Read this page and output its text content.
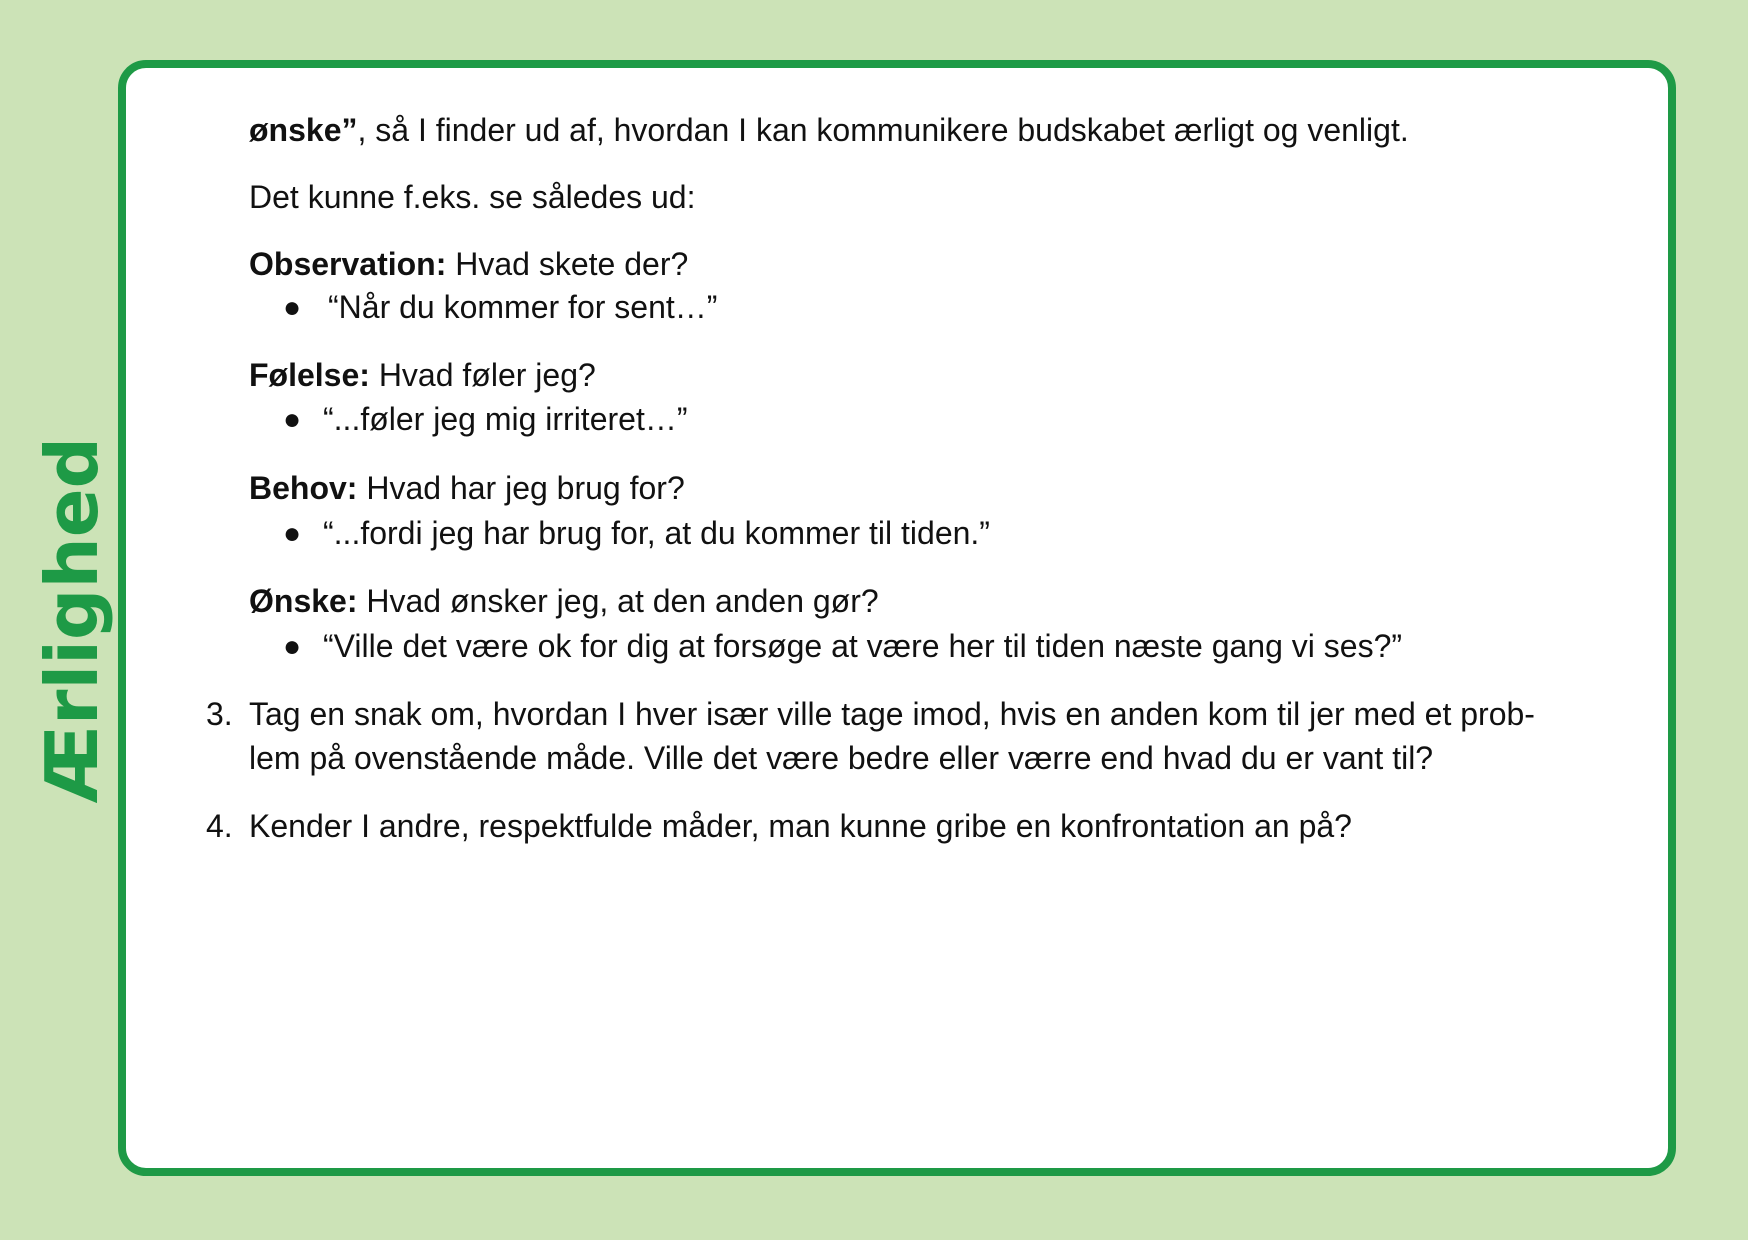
Ærlighed
ønske”, så I finder ud af, hvordan I kan kommunikere budskabet ærligt og venligt.
Det kunne f.eks. se således ud:
Observation: Hvad skete der?
● “Når du kommer for sent…”
Følelse: Hvad føler jeg?
● “...føler jeg mig irriteret…”
Behov: Hvad har jeg brug for?
● “...fordi jeg har brug for, at du kommer til tiden.”
Ønske: Hvad ønsker jeg, at den anden gør?
● “Ville det være ok for dig at forsøge at være her til tiden næste gang vi ses?”
3. Tag en snak om, hvordan I hver især ville tage imod, hvis en anden kom til jer med et prob-
lem på ovenstående måde. Ville det være bedre eller værre end hvad du er vant til?
4. Kender I andre, respektfulde måder, man kunne gribe en konfrontation an på?
